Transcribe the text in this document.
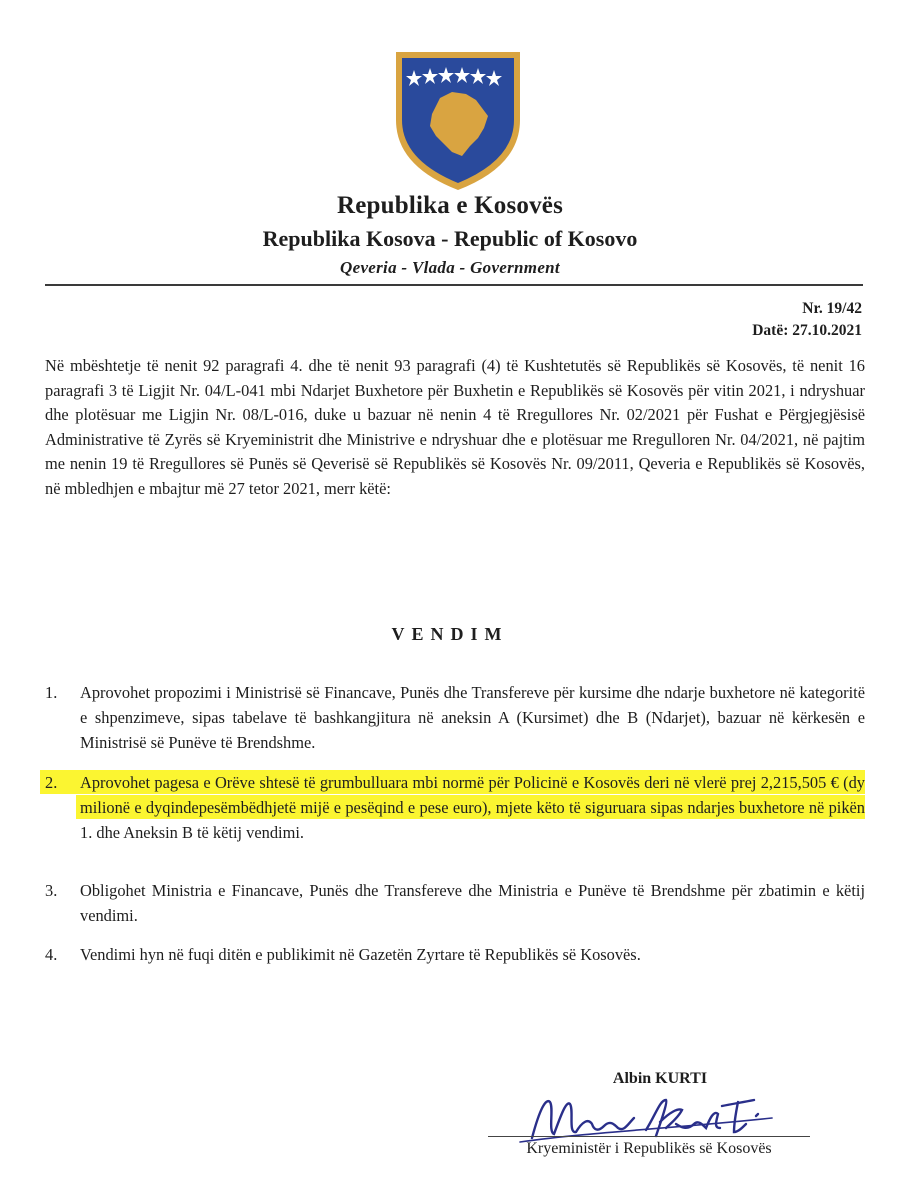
Republika e Kosovës
Republika Kosova - Republic of Kosovo
Qeveria - Vlada - Government
Nr. 19/42
Datë: 27.10.2021
Në mbështetje të nenit 92 paragrafi 4. dhe të nenit 93 paragrafi (4) të Kushtetutës së Republikës së Kosovës, të nenit 16 paragrafi 3 të Ligjit Nr. 04/L-041 mbi Ndarjet Buxhetore për Buxhetin e Republikës së Kosovës për vitin 2021, i ndryshuar dhe plotësuar me Ligjin Nr. 08/L-016, duke u bazuar në nenin 4 të Rregullores Nr. 02/2021 për Fushat e Përgjegjësisë Administrative të Zyrës së Kryeministrit dhe Ministrive e ndryshuar dhe e plotësuar me Rregulloren Nr. 04/2021, në pajtim me nenin 19 të Rregullores së Punës së Qeverisë së Republikës së Kosovës Nr. 09/2011, Qeveria e Republikës së Kosovës, në mbledhjen e mbajtur më 27 tetor 2021, merr këtë:
VENDIM
1.	Aprovohet propozimi i Ministrisë së Financave, Punës dhe Transfereve për kursime dhe ndarje buxhetore në kategoritë e shpenzimeve, sipas tabelave të bashkangjitura në aneksin A (Kursimet) dhe B (Ndarjet), bazuar në kërkesën e Ministrisë së Punëve të Brendshme.
2.	Aprovohet pagesa e Orëve shtesë të grumbulluara mbi normë për Policinë e Kosovës deri në vlerë prej 2,215,505 € (dy milionë e dyqindepesëmbëdhjetë mijë e pesëqind e pese euro), mjete këto të siguruara sipas ndarjes buxhetore në pikën 1. dhe Aneksin B të këtij vendimi.
3.	Obligohet Ministria e Financave, Punës dhe Transfereve dhe Ministria e Punëve të Brendshme për zbatimin e këtij vendimi.
4.	Vendimi hyn në fuqi ditën e publikimit në Gazetën Zyrtare të Republikës së Kosovës.
Albin KURTI
Kryeministër i Republikës së Kosovës
